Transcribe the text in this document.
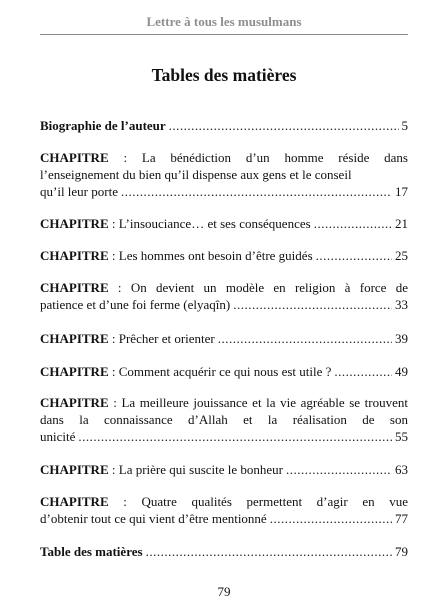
Lettre à tous les musulmans
Tables des matières
Biographie de l’auteur .....	5
CHAPITRE : La bénédiction d’un homme réside dans l’enseignement du bien qu’il dispense aux gens et le conseil
qu’il leur porte .....	17
CHAPITRE : L’insouciance… et ses conséquences .....	21
CHAPITRE : Les hommes ont besoin d’être guidés .....	25
CHAPITRE : On devient un modèle en religion à force de
patience et d’une foi ferme (elyaqîn) .....	33
CHAPITRE : Prêcher et orienter .....	39
CHAPITRE : Comment acquérir ce qui nous est utile ? .....	49
CHAPITRE : La meilleure jouissance et la vie agréable se trouvent dans la connaissance d’Allah et la réalisation de son
unicité .....	55
CHAPITRE : La prière qui suscite le bonheur .....	63
CHAPITRE : Quatre qualités permettent d’agir en vue
d’obtenir tout ce qui vient d’être mentionné .....	77
Table des matières .....	79
79
